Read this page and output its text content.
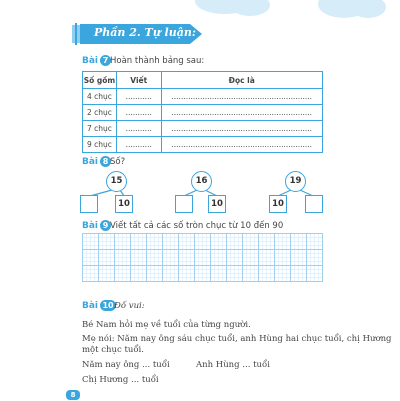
Phần 2. Tự luận:
Bài 7 Hoàn thành bảng sau:
Số gồm	Viết	Đọc là
4 chục	...........	...........................................................
2 chục	...........	...........................................................
7 chục	...........	...........................................................
9 chục	...........	...........................................................
Bài 8 Số?
15
10
16
10
19
10
Bài 9 Viết tất cả các số tròn chục từ 10 đến 90
Bài 10 Đố vui:
Bé Nam hỏi mẹ về tuổi của từng người.
Mẹ nói: Năm nay ông sáu chục tuổi, anh Hùng hai chục tuổi, chị Hương
một chục tuổi.
Năm nay ông ... tuổi	Anh Hùng ... tuổi
Chị Hương ... tuổi
8
